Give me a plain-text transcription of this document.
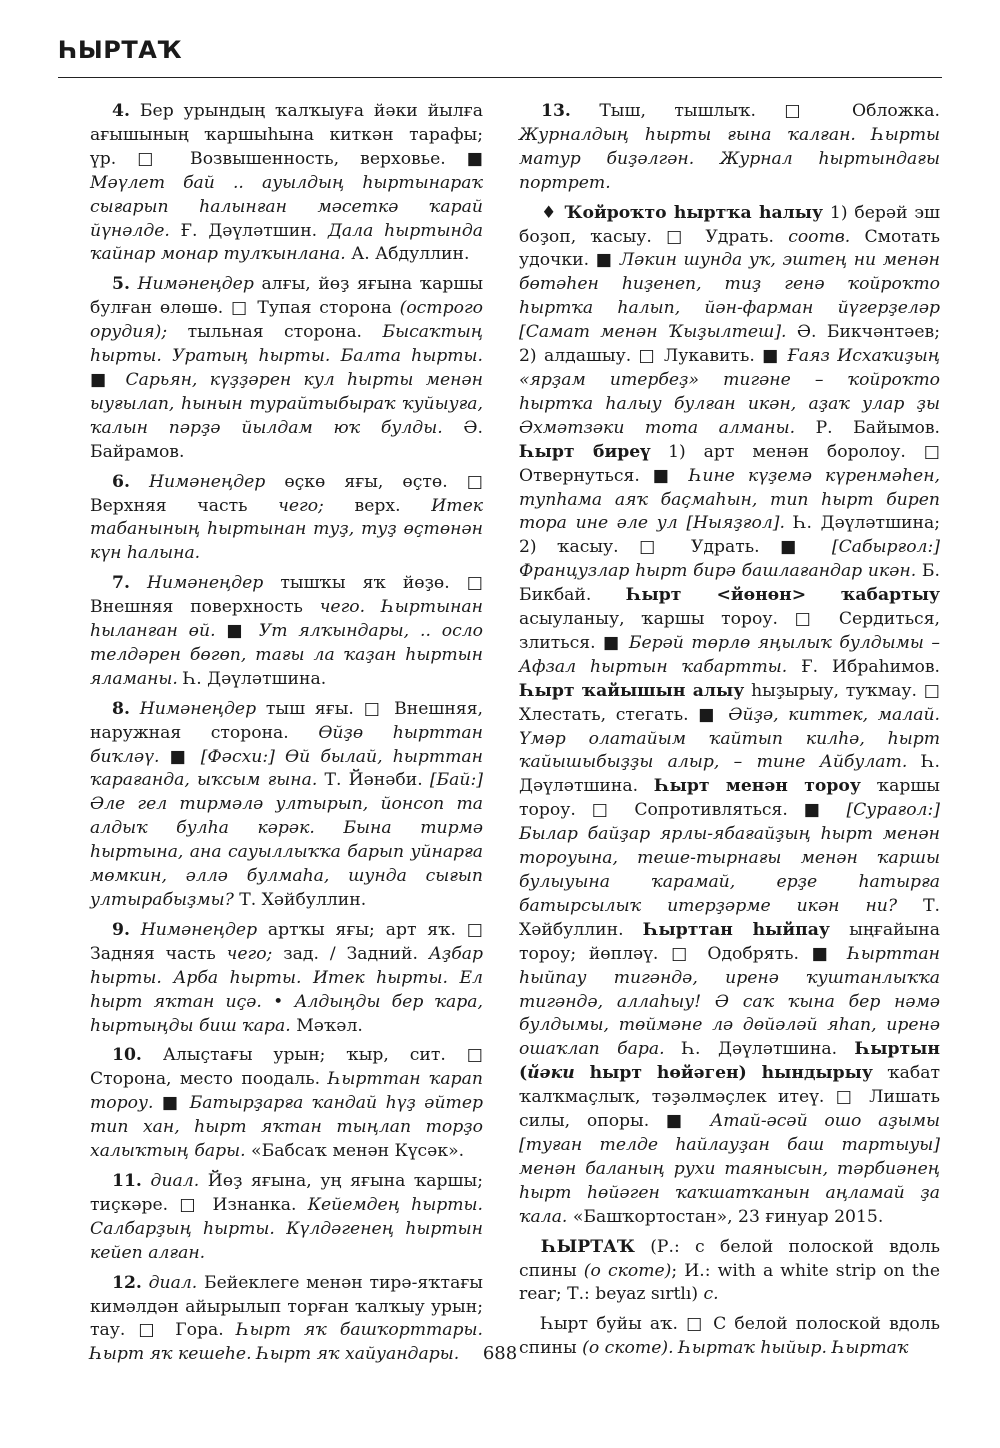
ҺЫРТАҠ

4. Бер урындың ҡалҡыуға йәки йылға ағышының ҡаршыһына киткән тарафы; үр. □ Возвышенность, верховье. ■ Мәүлет бай .. ауылдың һыртынараҡ сығарып һалынған мәсеткә ҡарай йүнәлде. Ғ. Дәүләтшин. Дала һыртында ҡайнар монар тулҡынлана. А. Абдуллин.

5. Нимәнеңдер алғы, йөҙ яғына ҡаршы булған өлөшө. □ Тупая сторона (острого орудия); тыльная сторона. Бысаҡтың һырты. Уратың һырты. Балта һырты. ■ Сарьян, күҙҙәрен кул һырты менән ыуғылап, һынын турайтыбыраҡ ҡуйыуға, ҡалын пәрҙә йылдам юҡ булды. Ә. Байрамов.

6. Нимәнеңдер өҫкө яғы, өҫтө. □ Верхняя часть чего; верх. Итек табанының һыртынан туҙ, туҙ өҫтөнән күн һалына.

7. Нимәнеңдер тышҡы яҡ йөҙө. □ Внешняя поверхность чего. Һыртынан һыланған өй. ■ Ут ялҡындары, .. осло телдәрен бөгөп, тағы ла ҡаҙан һыртын яламаны. Һ. Дәүләтшина.

8. Нимәнеңдер тыш яғы. □ Внешняя, наружная сторона. Өйҙө һырттан биҡләү. ■ [Фәсхи:] Өй былай, һырттан ҡарағанда, ыҡсым ғына. Т. Йәнәби. [Бай:] Әле гел тирмәлә ултырып, йонсоп та алдыҡ булһа кәрәк. Бына тирмә һыртына, ана сауыллыҡҡа барып уйнарға мөмкин, әллә булмаһа, шунда сығып ултырабыҙмы? Т. Хәйбуллин.

9. Нимәнеңдер артҡы яғы; арт яҡ. □ Задняя часть чего; зад. / Задний. Аҙбар һырты. Арба һырты. Итек һырты. Ел һырт яҡтан иҫә. • Алдыңды бер ҡара, һыртыңды биш ҡара. Мәҡәл.

10. Алыҫтағы урын; ҡыр, сит. □ Сторона, место поодаль. Һырттан ҡарап тороу. ■ Батырҙарға ҡандай һүҙ әйтер тип хан, һырт яҡтан тыңлап торҙо халыҡтың бары. «Бабсаҡ менән Күсәк».

11. диал. Йөҙ яғына, уң яғына ҡаршы; тиҫкәре. □ Изнанка. Кейемдең һырты. Салбарҙың һырты. Күлдәгенең һыртын кейеп алған.

12. диал. Бейеклеге менән тирә-яҡтағы кимәлдән айырылып торған ҡалҡыу урын; тау. □ Гора. Һырт яҡ башҡорттары. Һырт яҡ кешеһе. Һырт яҡ хайуандары.

13. Тыш, тышлыҡ. □ Обложка. Журналдың һырты ғына ҡалған. Һырты матур биҙәлгән. Журнал һыртындағы портрет.

♦ Ҡойроҡто һыртҡа һалыу 1) берәй эш боҙоп, ҡасыу. □ Удрать. соотв. Смотать удочки. ■ Ләкин шунда уҡ, эштең ни менән бөтәһен һиҙенеп, тиҙ генә ҡойроҡто һыртҡа һалып, йән-фарман йүгерҙеләр [Самат менән Ҡыҙылтеш]. Ә. Бикчәнтәев; 2) алдашыу. □ Лукавить. ■ Ғаяз Исхаҡиҙың «ярҙам итербеҙ» тигәне – ҡойроҡто һыртҡа һалыу булған икән, аҙаҡ улар ҙы Әхмәтзәки тота алманы. Р. Байымов. Һырт биреү 1) арт менән боролоу. □ Отвернуться. ■ Һине күҙемә күренмәһен, тупһама аяҡ баҫмаһын, тип һырт биреп тора ине әле ул [Ныяҙғол]. Һ. Дәүләтшина; 2) ҡасыу. □ Удрать. ■ [Сабырғол:] Французлар һырт бирә башлағандар икән. Б. Бикбай. Һырт <йөнөн> ҡабартыу асыуланыу, ҡаршы тороу. □ Сердиться, злиться. ■ Берәй төрлө яңылыҡ булдымы – Афзал һыртын ҡабартты. Ғ. Ибраһимов. Һырт ҡайышын алыу һыҙырыу, туҡмау. □ Хлестать, стегать. ■ Әйҙә, киттек, малай. Үмәр олатайым ҡайтып килһә, һырт ҡайышыбыҙҙы алыр, – тине Айбулат. Һ. Дәүләтшина. Һырт менән тороу ҡаршы тороу. □ Сопротивляться. ■ [Сурағол:] Былар байҙар ярлы-ябағайҙың һырт менән тороуына, теше-тырнағы менән ҡаршы булыуына ҡарамай, ерҙе һатырға батырсылыҡ итерҙәрме икән ни? Т. Хәйбуллин. Һырттан һыйпау ыңғайына тороу; йөпләү. □ Одобрять. ■ Һырттан һыйпау тигәндә, иренә ҡуштанлыҡҡа тигәндә, аллаһыу! Ә саҡ ҡына бер нәмә булдымы, төймәне лә дөйәләй яһап, иренә ошаҡлап бара. Һ. Дәүләтшина. Һыртын (йәки һырт һөйәген) һындырыу ҡабат ҡалҡмаҫлыҡ, тәҙәлмәҫлек итеү. □ Лишать силы, опоры. ■ Атай-әсәй ошо аҙымы [туған телде һайлауҙан баш тартыуы] менән баланың рухи таянысын, тәрбиәнең һырт һөйәген ҡаҡшатҡанын аңламай ҙа ҡала. «Башҡортостан», 23 ғинуар 2015.

ҺЫРТАҠ (Р.: с белой полоской вдоль спины (о скоте); И.: with a white strip on the rear; Т.: beyaz sırtlı) с.

Һырт буйы аҡ. □ С белой полоской вдоль спины (о скоте). Һыртаҡ һыйыр. Һыртаҡ

688
